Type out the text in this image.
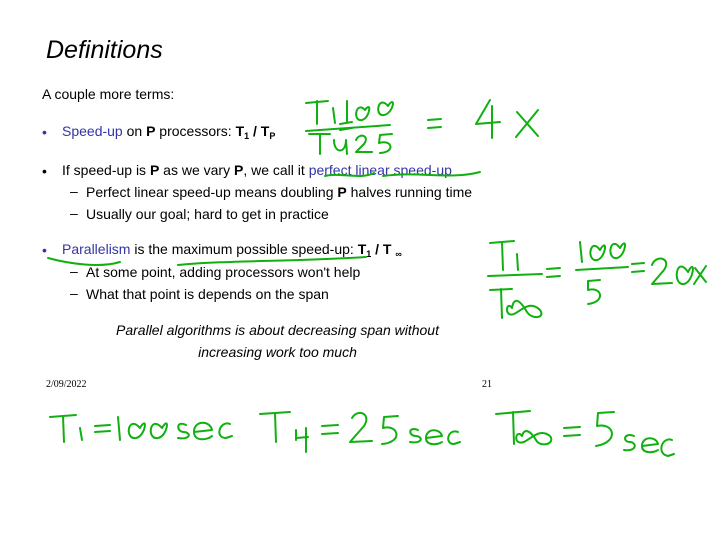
Definitions
A couple more terms:
• Speed-up on P processors: $T_1 / T_P$
• If speed-up is P as we vary P, we call it perfect linear speed-up
– Perfect linear speed-up means doubling P halves running time
– Usually our goal; hard to get in practice
• Parallelism is the maximum possible speed-up: $T_1$ / T $_\infty$
– At some point, adding processors won't help
– What that point is depends on the span
Parallel algorithms is about decreasing span without
increasing work too much
2/09/2022	21
